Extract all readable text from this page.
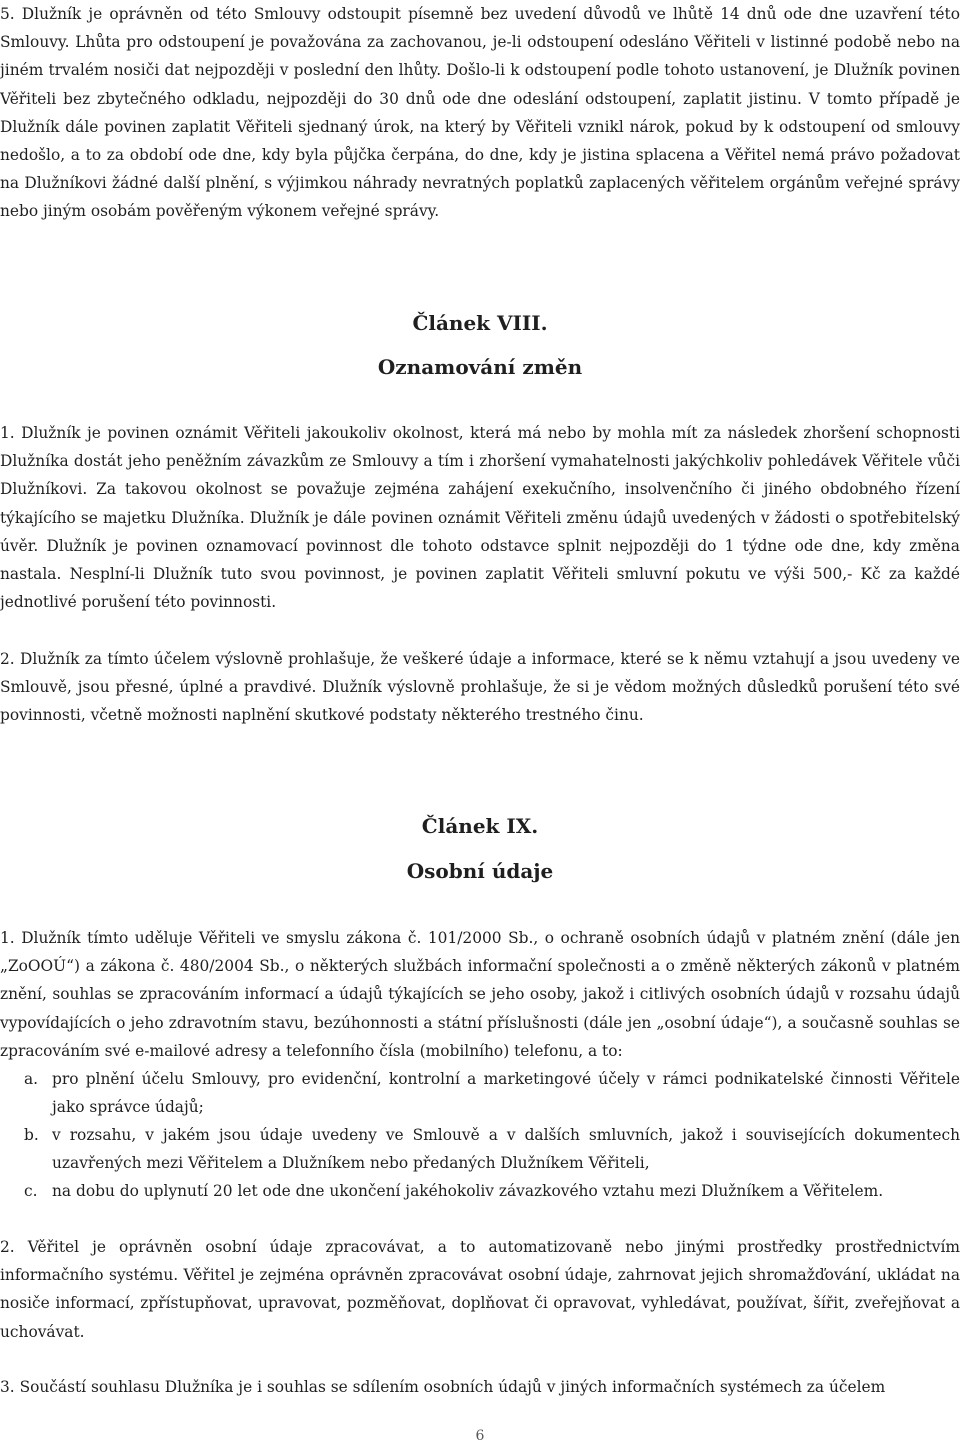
5. Dlužník je oprávněn od této Smlouvy odstoupit písemně bez uvedení důvodů ve lhůtě 14 dnů ode dne uzavření této Smlouvy. Lhůta pro odstoupení je považována za zachovanou, je-li odstoupení odesláno Věřiteli v listinné podobě nebo na jiném trvalém nosiči dat nejpozději v poslední den lhůty. Došlo-li k odstoupení podle tohoto ustanovení, je Dlužník povinen Věřiteli bez zbytečného odkladu, nejpozději do 30 dnů ode dne odeslání odstoupení, zaplatit jistinu. V tomto případě je Dlužník dále povinen zaplatit Věřiteli sjednaný úrok, na který by Věřiteli vznikl nárok, pokud by k odstoupení od smlouvy nedošlo, a to za období ode dne, kdy byla půjčka čerpána, do dne, kdy je jistina splacena a Věřitel nemá právo požadovat na Dlužníkovi žádné další plnění, s výjimkou náhrady nevratných poplatků zaplacených věřitelem orgánům veřejné správy nebo jiným osobám pověřeným výkonem veřejné správy.

Článek VIII.
Oznamování změn

1. Dlužník je povinen oznámit Věřiteli jakoukoliv okolnost, která má nebo by mohla mít za následek zhoršení schopnosti Dlužníka dostát jeho peněžním závazkům ze Smlouvy a tím i zhoršení vymahatelnosti jakýchkoliv pohledávek Věřitele vůči Dlužníkovi. Za takovou okolnost se považuje zejména zahájení exekučního, insolvenčního či jiného obdobného řízení týkajícího se majetku Dlužníka. Dlužník je dále povinen oznámit Věřiteli změnu údajů uvedených v žádosti o spotřebitelský úvěr. Dlužník je povinen oznamovací povinnost dle tohoto odstavce splnit nejpozději do 1 týdne ode dne, kdy změna nastala. Nesplní-li Dlužník tuto svou povinnost, je povinen zaplatit Věřiteli smluvní pokutu ve výši 500,- Kč za každé jednotlivé porušení této povinnosti.

2. Dlužník za tímto účelem výslovně prohlašuje, že veškeré údaje a informace, které se k němu vztahují a jsou uvedeny ve Smlouvě, jsou přesné, úplné a pravdivé. Dlužník výslovně prohlašuje, že si je vědom možných důsledků porušení této své povinnosti, včetně možnosti naplnění skutkové podstaty některého trestného činu.

Článek IX.
Osobní údaje

1. Dlužník tímto uděluje Věřiteli ve smyslu zákona č. 101/2000 Sb., o ochraně osobních údajů v platném znění (dále jen „ZoOOÚ“) a zákona č. 480/2004 Sb., o některých službách informační společnosti a o změně některých zákonů v platném znění, souhlas se zpracováním informací a údajů týkajících se jeho osoby, jakož i citlivých osobních údajů v rozsahu údajů vypovídajících o jeho zdravotním stavu, bezúhonnosti a státní příslušnosti (dále jen „osobní údaje“), a současně souhlas se zpracováním své e-mailové adresy a telefonního čísla (mobilního) telefonu, a to:

a. pro plnění účelu Smlouvy, pro evidenční, kontrolní a marketingové účely v rámci podnikatelské činnosti Věřitele jako správce údajů;
b. v rozsahu, v jakém jsou údaje uvedeny ve Smlouvě a v dalších smluvních, jakož i souvisejících dokumentech uzavřených mezi Věřitelem a Dlužníkem nebo předaných Dlužníkem Věřiteli,
c. na dobu do uplynutí 20 let ode dne ukončení jakéhokoliv závazkového vztahu mezi Dlužníkem a Věřitelem.

2. Věřitel je oprávněn osobní údaje zpracovávat, a to automatizovaně nebo jinými prostředky prostřednictvím informačního systému. Věřitel je zejména oprávněn zpracovávat osobní údaje, zahrnovat jejich shromažďování, ukládat na nosiče informací, zpřístupňovat, upravovat, pozměňovat, doplňovat či opravovat, vyhledávat, používat, šířit, zveřejňovat a uchovávat.

3. Součástí souhlasu Dlužníka je i souhlas se sdílením osobních údajů v jiných informačních systémech za účelem

6
